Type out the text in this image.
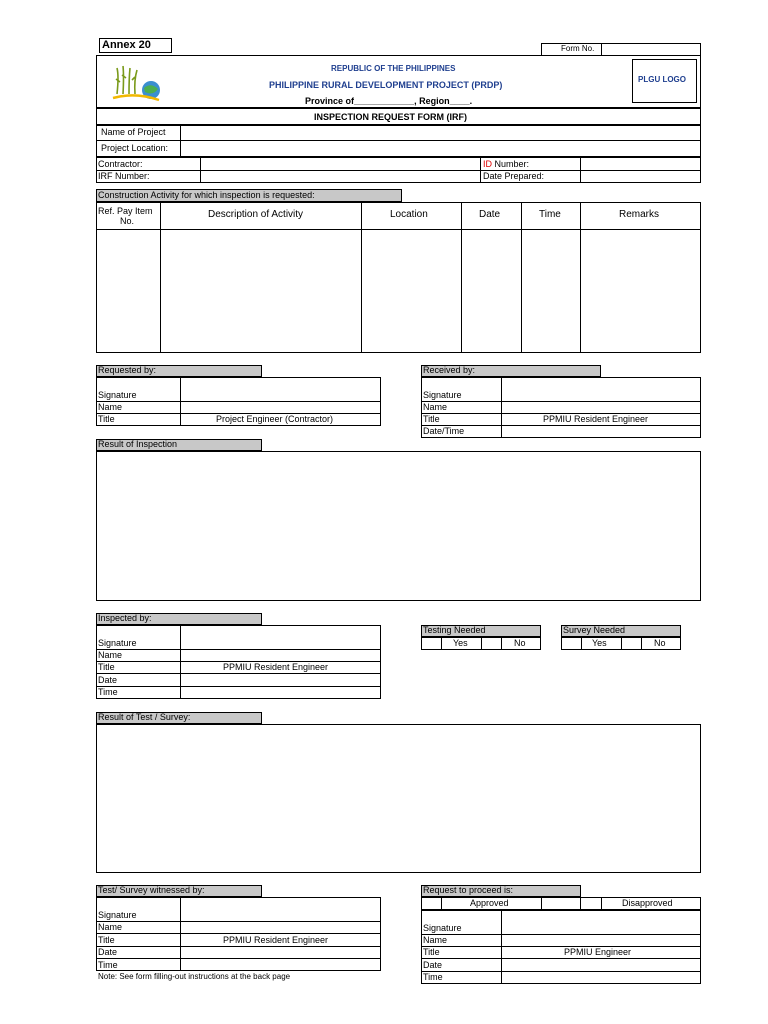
Annex 20	Form No.
REPUBLIC OF THE PHILIPPINES
PHILIPPINE RURAL DEVELOPMENT PROJECT (PRDP)
Province of____________, Region____.
PLGU LOGO
INSPECTION REQUEST FORM (IRF)
Name of Project
Project Location:
Contractor:	ID Number:
IRF Number:	Date Prepared:
Construction Activity for which inspection is requested:
Ref. Pay Item
No.
Description of Activity	Location	Date	Time	Remarks
Requested by:
Signature
Name
Title	Project Engineer (Contractor)
Received by:
Signature
Name
Title	PPMIU Resident Engineer
Date/Time
Result of Inspection
Inspected by:
Signature
Name
Title	PPMIU Resident Engineer
Date
Time
Testing Needed
Yes	No
Survey Needed
Yes	No
Result of Test / Survey:
Test/ Survey witnessed by:
Signature
Name
Title	PPMIU Resident Engineer
Date
Time
Note: See form filling-out instructions at the back page
Request to proceed is:
Approved	Disapproved
Signature
Name
Title	PPMIU Engineer
Date
Time
